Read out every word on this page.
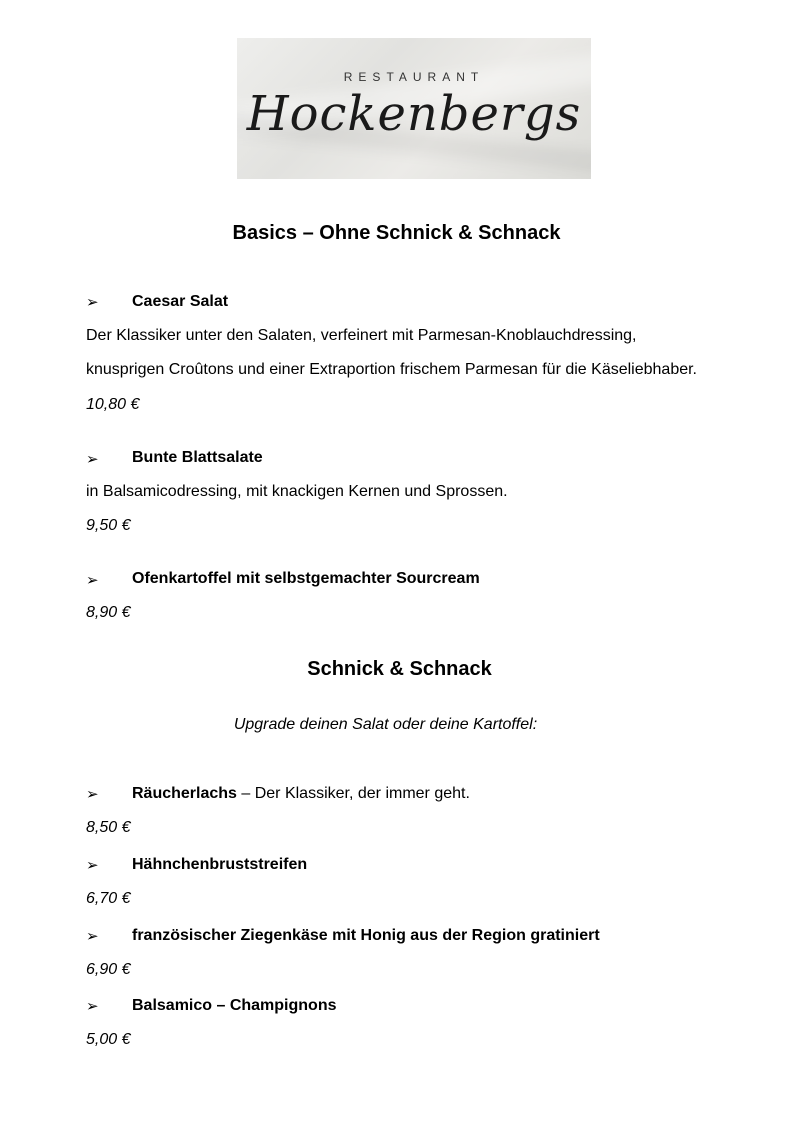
RESTAURANT
Hockenbergs
Basics – Ohne Schnick & Schnack
➢ Caesar Salat
Der Klassiker unter den Salaten, verfeinert mit Parmesan-Knoblauchdressing,
knusprigen Croûtons und einer Extraportion frischem Parmesan für die Käseliebhaber.
10,80 €
➢ Bunte Blattsalate
in Balsamicodressing, mit knackigen Kernen und Sprossen.
9,50 €
➢ Ofenkartoffel mit selbstgemachter Sourcream
8,90 €
Schnick & Schnack
Upgrade deinen Salat oder deine Kartoffel:
➢ Räucherlachs – Der Klassiker, der immer geht.
8,50 €
➢ Hähnchenbruststreifen
6,70 €
➢ französischer Ziegenkäse mit Honig aus der Region gratiniert
6,90 €
➢ Balsamico – Champignons
5,00 €
